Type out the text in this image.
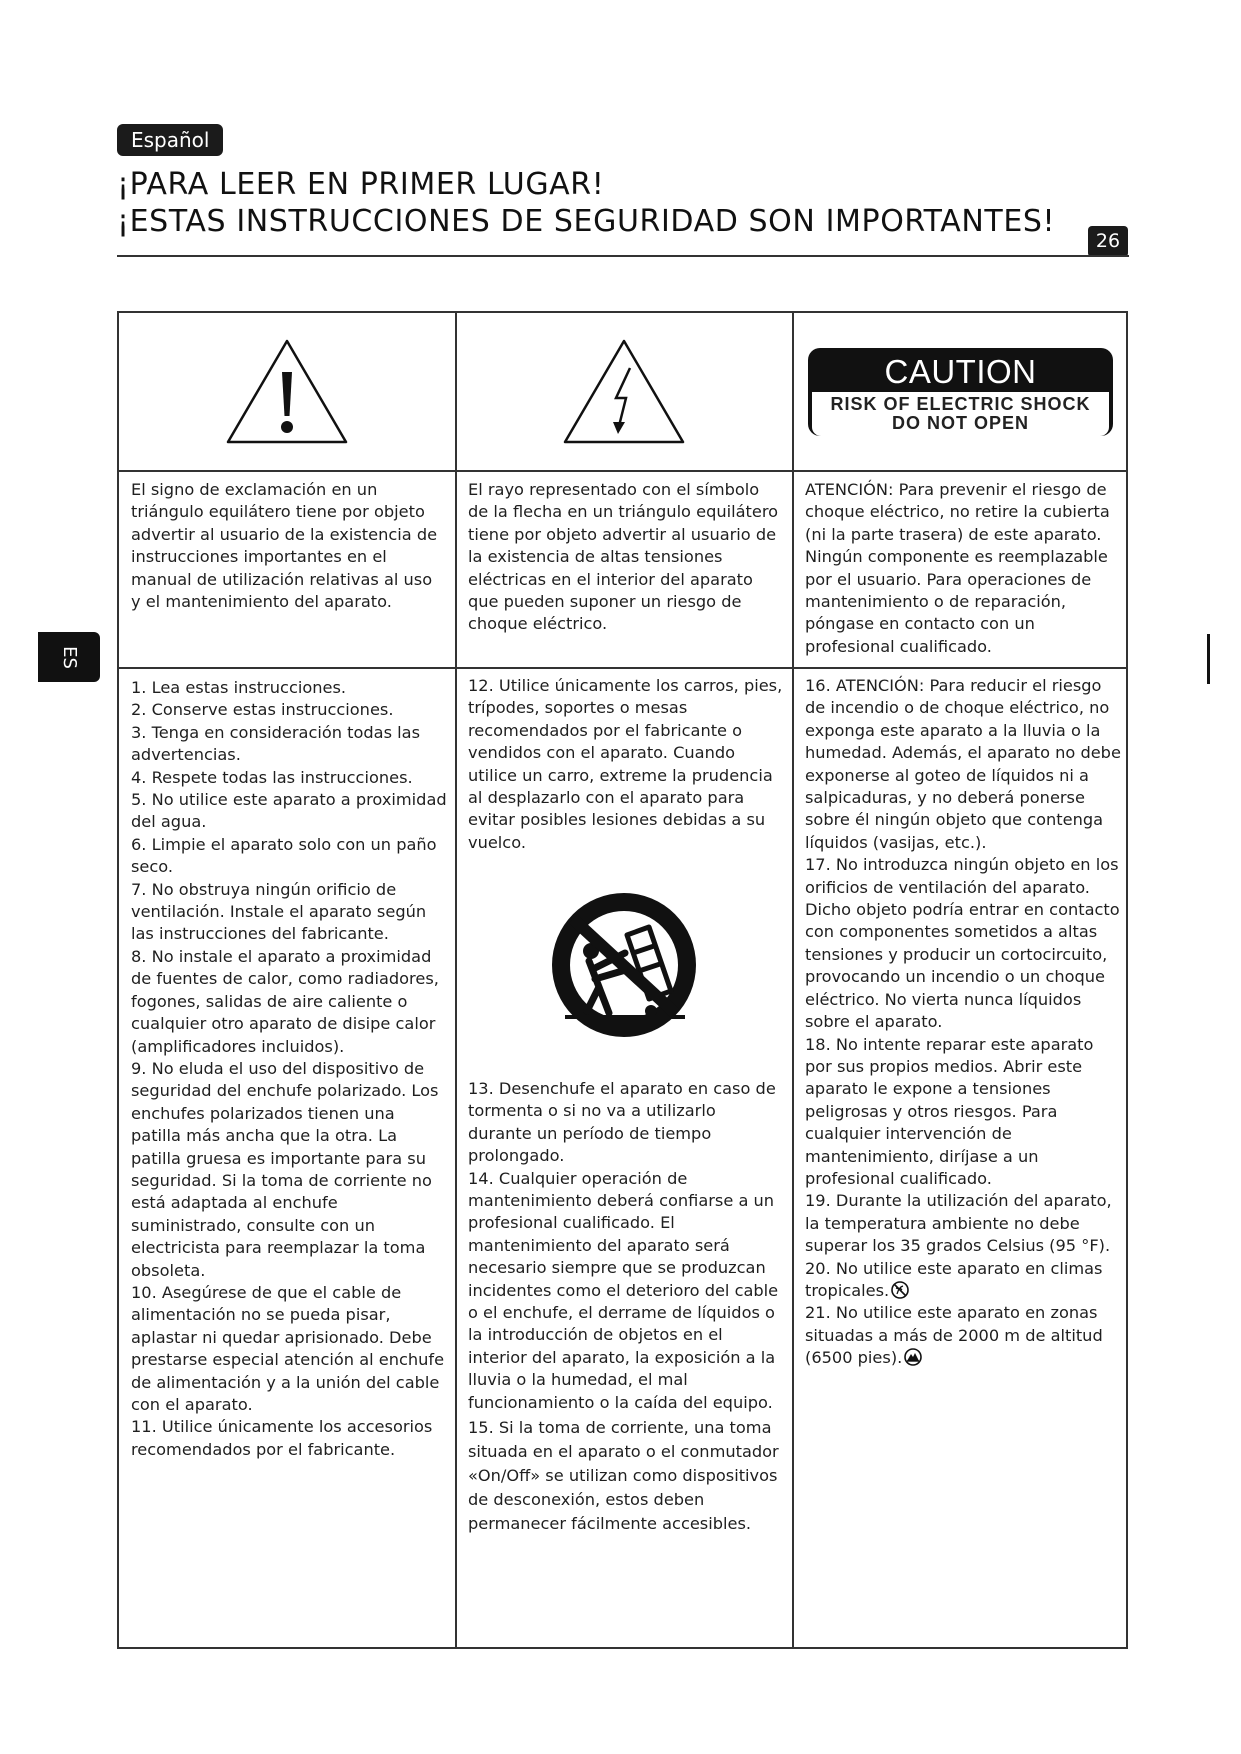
Español
¡PARA LEER EN PRIMER LUGAR!
¡ESTAS INSTRUCCIONES DE SEGURIDAD SON IMPORTANTES!
26
ES
CAUTION
RISK OF ELECTRIC SHOCK
DO NOT OPEN
El signo de exclamación en un triángulo equilátero tiene por objeto advertir al usuario de la existencia de instrucciones importantes en el manual de utilización relativas al uso y el mantenimiento del aparato.
El rayo representado con el símbolo de la flecha en un triángulo equilátero tiene por objeto advertir al usuario de la existencia de altas tensiones eléctricas en el interior del aparato que pueden suponer un riesgo de choque eléctrico.
ATENCIÓN: Para prevenir el riesgo de choque eléctrico, no retire la cubierta (ni la parte trasera) de este aparato. Ningún componente es reemplazable por el usuario. Para operaciones de mantenimiento o de reparación, póngase en contacto con un profesional cualificado.

1. Lea estas instrucciones.

2. Conserve estas instrucciones.

3. Tenga en consideración todas las advertencias.

4. Respete todas las instrucciones.

5. No utilice este aparato a proximidad del agua.

6. Limpie el aparato solo con un paño seco.

7. No obstruya ningún orificio de ventilación. Instale el aparato según las instrucciones del fabricante.

8. No instale el aparato a proximidad de fuentes de calor, como radiadores, fogones, salidas de aire caliente o cualquier otro aparato de disipe calor (amplificadores incluidos).

9. No eluda el uso del dispositivo de seguridad del enchufe polarizado. Los enchufes polarizados tienen una patilla más ancha que la otra. La patilla gruesa es importante para su seguridad. Si la toma de corriente no está adaptada al enchufe suministrado, consulte con un electricista para reemplazar la toma obsoleta.

10. Asegúrese de que el cable de alimentación no se pueda pisar, aplastar ni quedar aprisionado. Debe prestarse especial atención al enchufe de alimentación y a la unión del cable con el aparato.

11. Utilice únicamente los accesorios recomendados por el fabricante.

12. Utilice únicamente los carros, pies, trípodes, soportes o mesas recomendados por el fabricante o vendidos con el aparato. Cuando utilice un carro, extreme la prudencia al desplazarlo con el aparato para evitar posibles lesiones debidas a su vuelco.

13. Desenchufe el aparato en caso de tormenta o si no va a utilizarlo durante un período de tiempo prolongado.

14. Cualquier operación de mantenimiento deberá confiarse a un profesional cualificado. El mantenimiento del aparato será necesario siempre que se produzcan incidentes como el deterioro del cable o el enchufe, el derrame de líquidos o la introducción de objetos en el interior del aparato, la exposición a la lluvia o la humedad, el mal funcionamiento o la caída del equipo.

15. Si la toma de corriente, una toma situada en el aparato o el conmutador «On/Off» se utilizan como dispositivos de desconexión, estos deben permanecer fácilmente accesibles.

16. ATENCIÓN: Para reducir el riesgo de incendio o de choque eléctrico, no exponga este aparato a la lluvia o la humedad. Además, el aparato no debe exponerse al goteo de líquidos ni a salpicaduras, y no deberá ponerse sobre él ningún objeto que contenga líquidos (vasijas, etc.).

17. No introduzca ningún objeto en los orificios de ventilación del aparato. Dicho objeto podría entrar en contacto con componentes sometidos a altas tensiones y producir un cortocircuito, provocando un incendio o un choque eléctrico. No vierta nunca líquidos sobre el aparato.

18. No intente reparar este aparato por sus propios medios. Abrir este aparato le expone a tensiones peligrosas y otros riesgos. Para cualquier intervención de mantenimiento, diríjase a un profesional cualificado.

19. Durante la utilización del aparato, la temperatura ambiente no debe superar los 35 grados Celsius (95 °F).

20. No utilice este aparato en climas tropicales.

21. No utilice este aparato en zonas situadas a más de 2000 m de altitud (6500 pies).
